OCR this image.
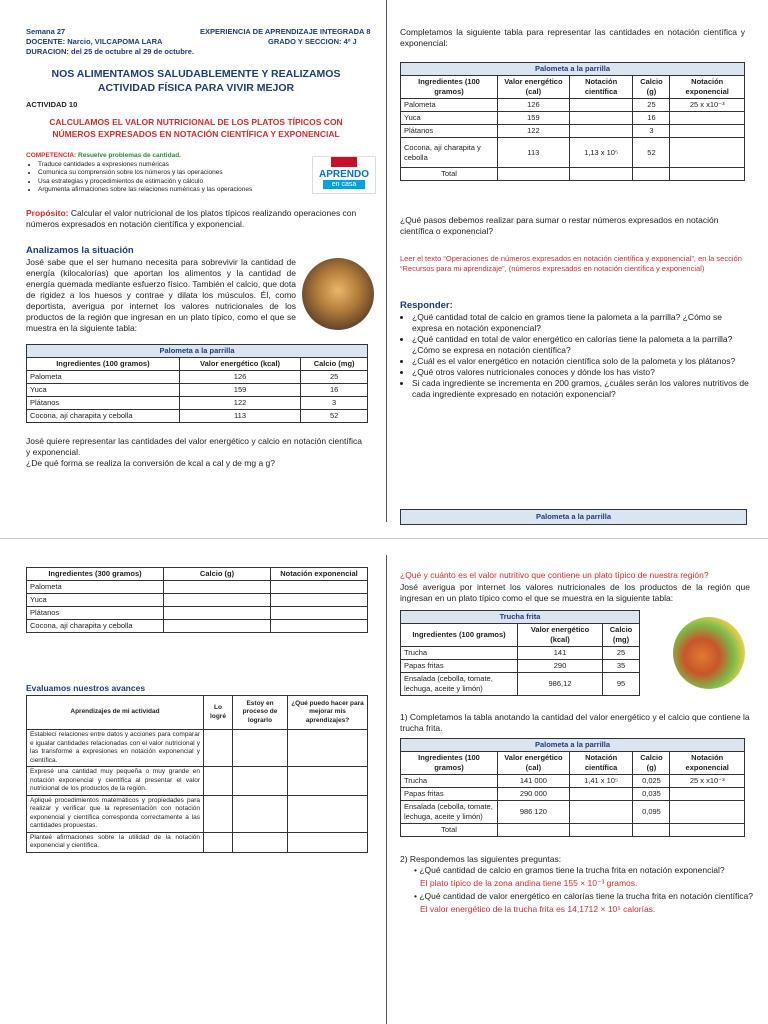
Semana 27	EXPERIENCIA DE APRENDIZAJE INTEGRADA 8
DOCENTE: Narcio, VILCAPOMA LARA	GRADO Y SECCION: 4º J
DURACION: del 25 de octubre al 29 de octubre.
NOS ALIMENTAMOS SALUDABLEMENTE Y REALIZAMOS
ACTIVIDAD FÍSICA PARA VIVIR MEJOR
ACTIVIDAD 10
CALCULAMOS EL VALOR NUTRICIONAL DE LOS PLATOS TÍPICOS CON
NÚMEROS EXPRESADOS EN NOTACIÓN CIENTÍFICA Y EXPONENCIAL
COMPETENCIA: Resuelve problemas de cantidad.
• Traduce cantidades a expresiones numéricas
• Comunica su comprensión sobre los números y las operaciones
• Usa estrategias y procedimientos de estimación y cálculo
• Argumenta afirmaciones sobre las relaciones numéricas y las operaciones
APRENDO
en casa
Propósito: Calcular el valor nutricional de los platos típicos realizando operaciones con números expresados en notación científica y exponencial.
Analizamos la situación
José sabe que el ser humano necesita para sobrevivir la cantidad de energía (kilocalorías) que aportan los alimentos y la cantidad de energía quemada mediante esfuerzo físico. También el calcio, que dota de rigidez a los huesos y contrae y dilata los músculos. Él, como deportista, averigua por internet los valores nutricionales de los productos de la región que ingresan en un plato típico, como el que se muestra en la siguiente tabla:
Palometa a la parrilla		
Ingredientes (100 gramos)	Valor energético (kcal)	Calcio (mg)
Palometa	126	25
Yuca	159	16
Plátanos	122	3
Cocona, ají charapita y cebolla	113	52
José quiere representar las cantidades del valor energético y calcio en notación científica y exponencial.
¿De qué forma se realiza la conversión de kcal a cal y de mg a g?
Completamos la siguiente tabla para representar las cantidades en notación científica y exponencial:
Palometa a la parrilla				
Ingredientes (100 gramos)	Valor energético (cal)	Notación científica	Calcio (g)	Notación exponencial
Palometa	126		25	25 x x10⁻³
Yuca	159		16	
Plátanos	122		3	
Cocona, ají charapita y cebolla	113	1,13 x 10⁵	52	
Total				
¿Qué pasos debemos realizar para sumar o restar números expresados en notación científica o exponencial?
Leer el texto “Operaciones de números expresados en notación científica y exponencial”, en la sección “Recursos para mi aprendizaje”, (números expresados en notación científica y exponencial)
Responder:
• ¿Qué cantidad total de calcio en gramos tiene la palometa a la parrilla? ¿Cómo se expresa en notación exponencial?
• ¿Qué cantidad en total de valor energético en calorías tiene la palometa a la parrilla? ¿Cómo se expresa en notación científica?
• ¿Cuál es el valor energético en notación científica solo de la palometa y los plátanos?
• ¿Qué otros valores nutricionales conoces y dónde los has visto?
• Si cada ingrediente se incrementa en 200 gramos, ¿cuáles serán los valores nutritivos de cada ingrediente expresado en notación exponencial?
Palometa a la parrilla
Ingredientes (300 gramos)	Calcio (g)	Notación exponencial
Palometa		
Yuca		
Plátanos		
Cocona, ají charapita y cebolla		
Evaluamos nuestros avances
Aprendizajes de mi actividad	Lo logré	Estoy en proceso de lograrlo	¿Qué puedo hacer para mejorar mis aprendizajes?
Establecí relaciones entre datos y acciones para comparar e igualar cantidades relacionadas con el valor nutricional y las transformé a expresiones en notación exponencial y científica.			
Expresé una cantidad muy pequeña o muy grande en notación exponencial y científica al presentar el valor nutricional de los productos de la región.			
Apliqué procedimientos matemáticos y propiedades para realizar y verificar que la representación con notación exponencial y científica corresponda correctamente a las cantidades propuestas.			
Planteé afirmaciones sobre la utilidad de la notación exponencial y científica.			
¿Qué y cuánto es el valor nutritivo que contiene un plato típico de nuestra región?
José averigua por internet los valores nutricionales de los productos de la región que ingresan en un plato típico como el que se muestra en la siguiente tabla:
Trucha frita		
Ingredientes (100 gramos)	Valor energético (kcal)	Calcio (mg)
Trucha	141	25
Papas fritas	290	35
Ensalada (cebolla, tomate, lechuga, aceite y limón)	986,12	95
1) Completamos la tabla anotando la cantidad del valor energético y el calcio que contiene la trucha frita.
Palometa a la parrilla				
Ingredientes (100 gramos)	Valor energético (cal)	Notación científica	Calcio (g)	Notación exponencial
Trucha	141 000	1,41 x 10⁵	0,025	25 x x10⁻³
Papas fritas	290 000		0,035	
Ensalada (cebolla, tomate, lechuga, aceite y limón)	986 120		0,095	
Total				
2) Respondemos las siguientes preguntas:
• ¿Qué cantidad de calcio en gramos tiene la trucha frita en notación exponencial?
El plato típico de la zona andina tiene 155 × 10⁻³ gramos.
• ¿Qué cantidad de valor energético en calorías tiene la trucha frita en notación científica?
El valor energético de la trucha frita es 14,1712 × 10⁵ calorías.
